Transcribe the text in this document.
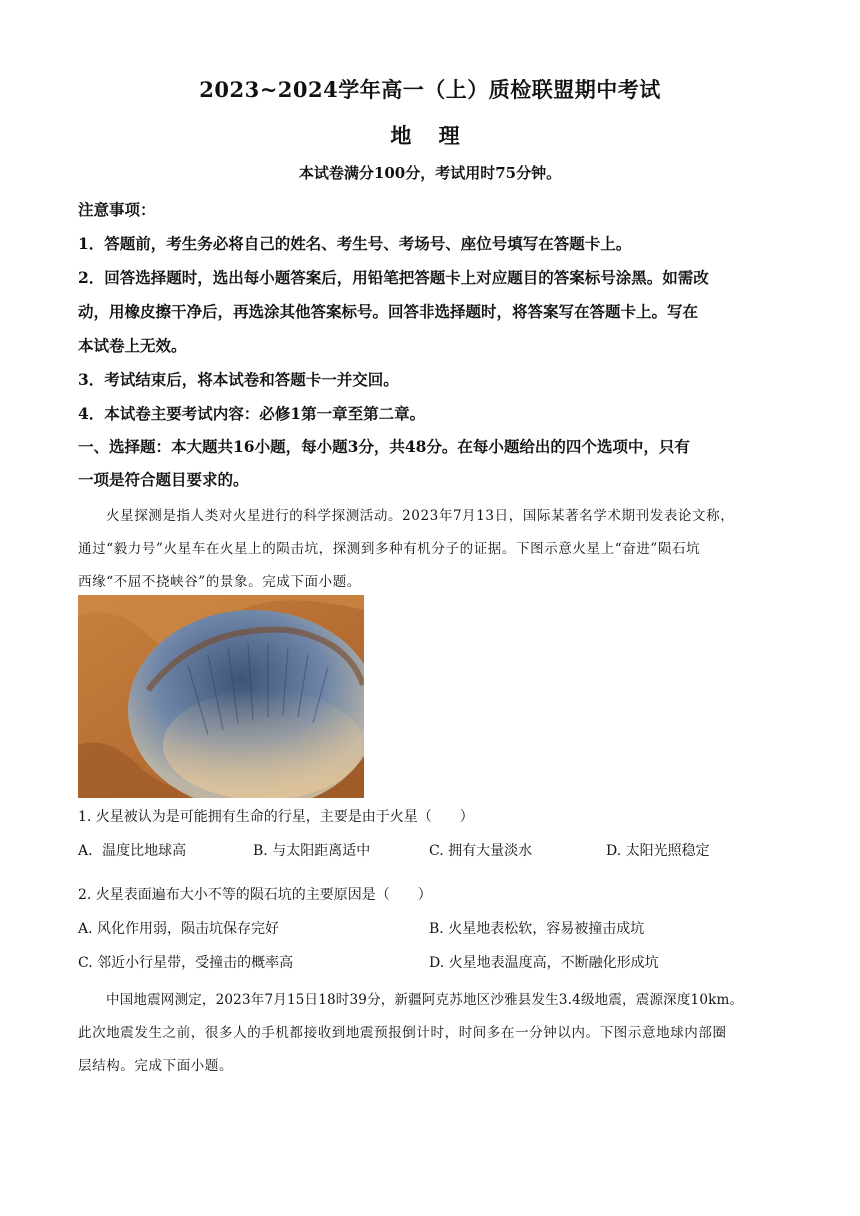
2023~2024学年高一（上）质检联盟期中考试
地 理
本试卷满分100分，考试用时75分钟。
注意事项：
1．答题前，考生务必将自己的姓名、考生号、考场号、座位号填写在答题卡上。
2．回答选择题时，选出每小题答案后，用铅笔把答题卡上对应题目的答案标号涂黑。如需改
动，用橡皮擦干净后，再选涂其他答案标号。回答非选择题时，将答案写在答题卡上。写在
本试卷上无效。
3．考试结束后，将本试卷和答题卡一并交回。
4．本试卷主要考试内容：必修1第一章至第二章。
一、选择题：本大题共16小题，每小题3分，共48分。在每小题给出的四个选项中，只有
一项是符合题目要求的。
火星探测是指人类对火星进行的科学探测活动。2023年7月13日，国际某著名学术期刊发表论文称，
通过“毅力号”火星车在火星上的陨击坑，探测到多种有机分子的证据。下图示意火星上“奋进”陨石坑
西缘“不屈不挠峡谷”的景象。完成下面小题。
1. 火星被认为是可能拥有生命的行星，主要是由于火星（　　）
A．温度比地球高	B. 与太阳距离适中	C. 拥有大量淡水	D. 太阳光照稳定
2. 火星表面遍布大小不等的陨石坑的主要原因是（　　）
A. 风化作用弱，陨击坑保存完好	B. 火星地表松软，容易被撞击成坑
C. 邻近小行星带，受撞击的概率高	D. 火星地表温度高，不断融化形成坑
中国地震网测定，2023年7月15日18时39分，新疆阿克苏地区沙雅县发生3.4级地震，震源深度10km。
此次地震发生之前，很多人的手机都接收到地震预报倒计时，时间多在一分钟以内。下图示意地球内部圈
层结构。完成下面小题。
